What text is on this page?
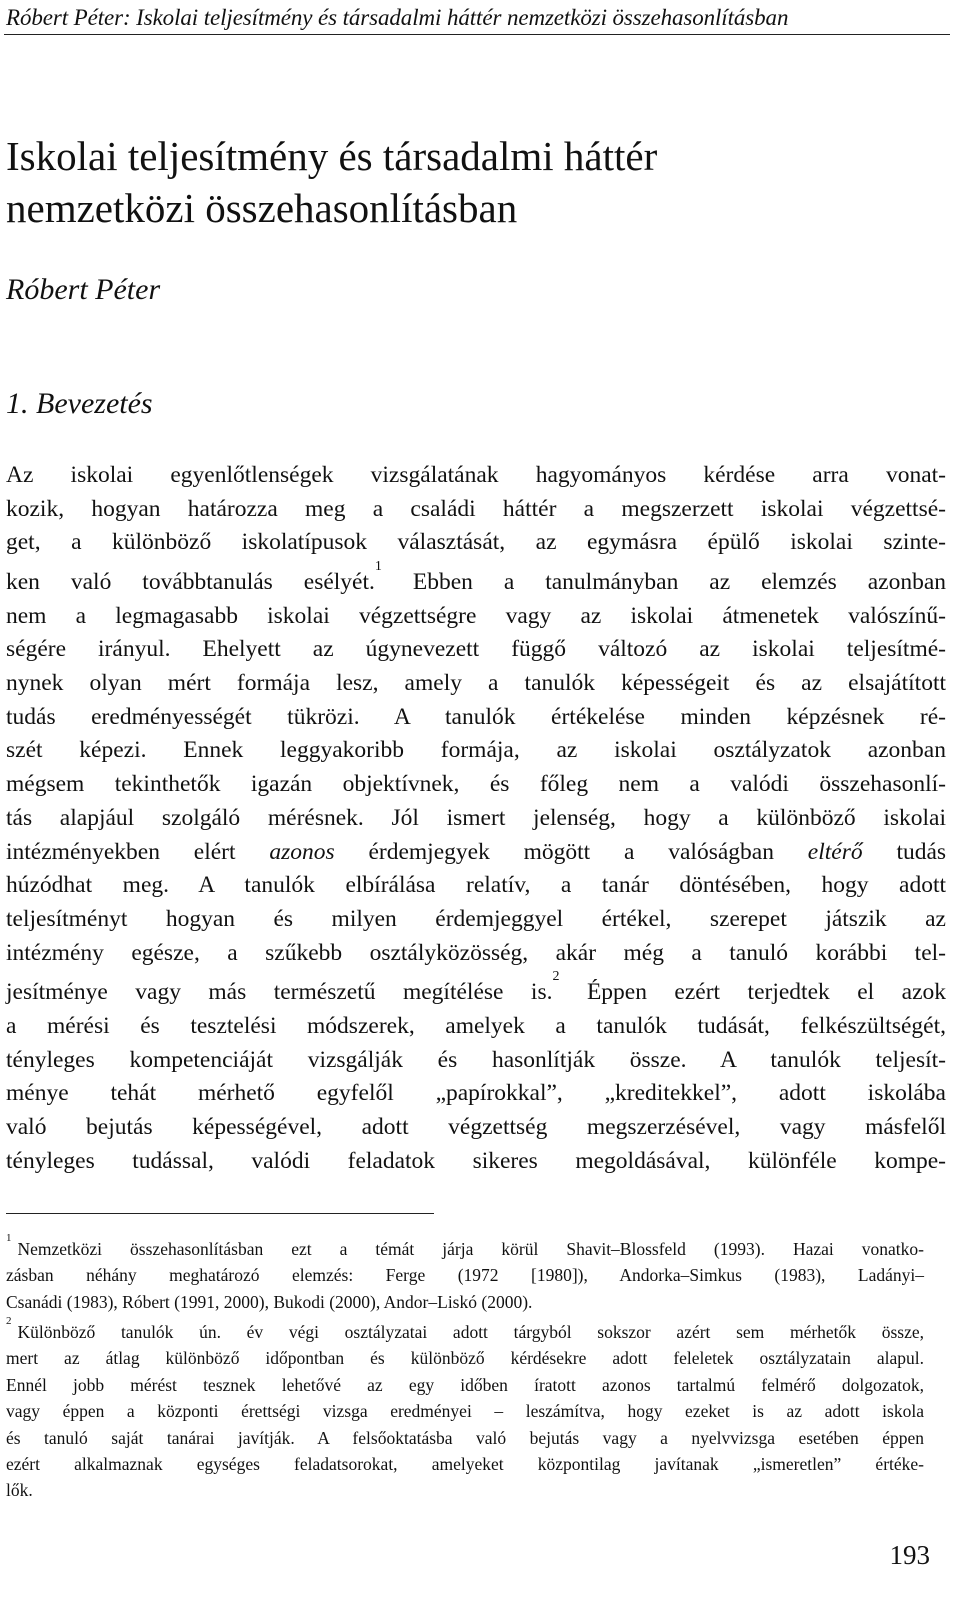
Róbert Péter: Iskolai teljesítmény és társadalmi háttér nemzetközi összehasonlításban
Iskolai teljesítmény és társadalmi háttér
nemzetközi összehasonlításban

Róbert Péter

1. Bevezetés
Az iskolai egyenlőtlenségek vizsgálatának hagyományos kérdése arra vonat-
kozik, hogyan határozza meg a családi háttér a megszerzett iskolai végzettsé-
get, a különböző iskolatípusok választását, az egymásra épülő iskolai szinte-
ken való továbbtanulás esélyét.$^1$ Ebben a tanulmányban az elemzés azonban
nem a legmagasabb iskolai végzettségre vagy az iskolai átmenetek valószínű-
ségére irányul. Ehelyett az úgynevezett függő változó az iskolai teljesítmé-
nynek olyan mért formája lesz, amely a tanulók képességeit és az elsajátított
tudás eredményességét tükrözi. A tanulók értékelése minden képzésnek ré-
szét képezi. Ennek leggyakoribb formája, az iskolai osztályzatok azonban
mégsem tekinthetők igazán objektívnek, és főleg nem a valódi összehasonlí-
tás alapjául szolgáló mérésnek. Jól ismert jelenség, hogy a különböző iskolai
intézményekben elért azonos érdemjegyek mögött a valóságban eltérő tudás
húzódhat meg. A tanulók elbírálása relatív, a tanár döntésében, hogy adott
teljesítményt hogyan és milyen érdemjeggyel értékel, szerepet játszik az
intézmény egésze, a szűkebb osztályközösség, akár még a tanuló korábbi tel-
jesítménye vagy más természetű megítélése is.$^2$ Éppen ezért terjedtek el azok
a mérési és tesztelési módszerek, amelyek a tanulók tudását, felkészültségét,
tényleges kompetenciáját vizsgálják és hasonlítják össze. A tanulók teljesít-
ménye tehát mérhető egyfelől „papírokkal”, „kreditekkel”, adott iskolába
való bejutás képességével, adott végzettség megszerzésével, vagy másfelől
tényleges tudással, valódi feladatok sikeres megoldásával, különféle kompe-
$^1$Nemzetközi összehasonlításban ezt a témát járja körül Shavit–Blossfeld (1993). Hazai vonatko-
zásban néhány meghatározó elemzés: Ferge (1972 [1980]), Andorka–Simkus (1983), Ladányi–
Csanádi (1983), Róbert (1991, 2000), Bukodi (2000), Andor–Liskó (2000).
$^2$Különböző tanulók ún. év végi osztályzatai adott tárgyból sokszor azért sem mérhetők össze,
mert az átlag különböző időpontban és különböző kérdésekre adott feleletek osztályzatain alapul.
Ennél jobb mérést tesznek lehetővé az egy időben íratott azonos tartalmú felmérő dolgozatok,
vagy éppen a központi érettségi vizsga eredményei – leszámítva, hogy ezeket is az adott iskola
és tanuló saját tanárai javítják. A felsőoktatásba való bejutás vagy a nyelvvizsga esetében éppen
ezért alkalmaznak egységes feladatsorokat, amelyeket központilag javítanak „ismeretlen” értéke-
lők.
193
